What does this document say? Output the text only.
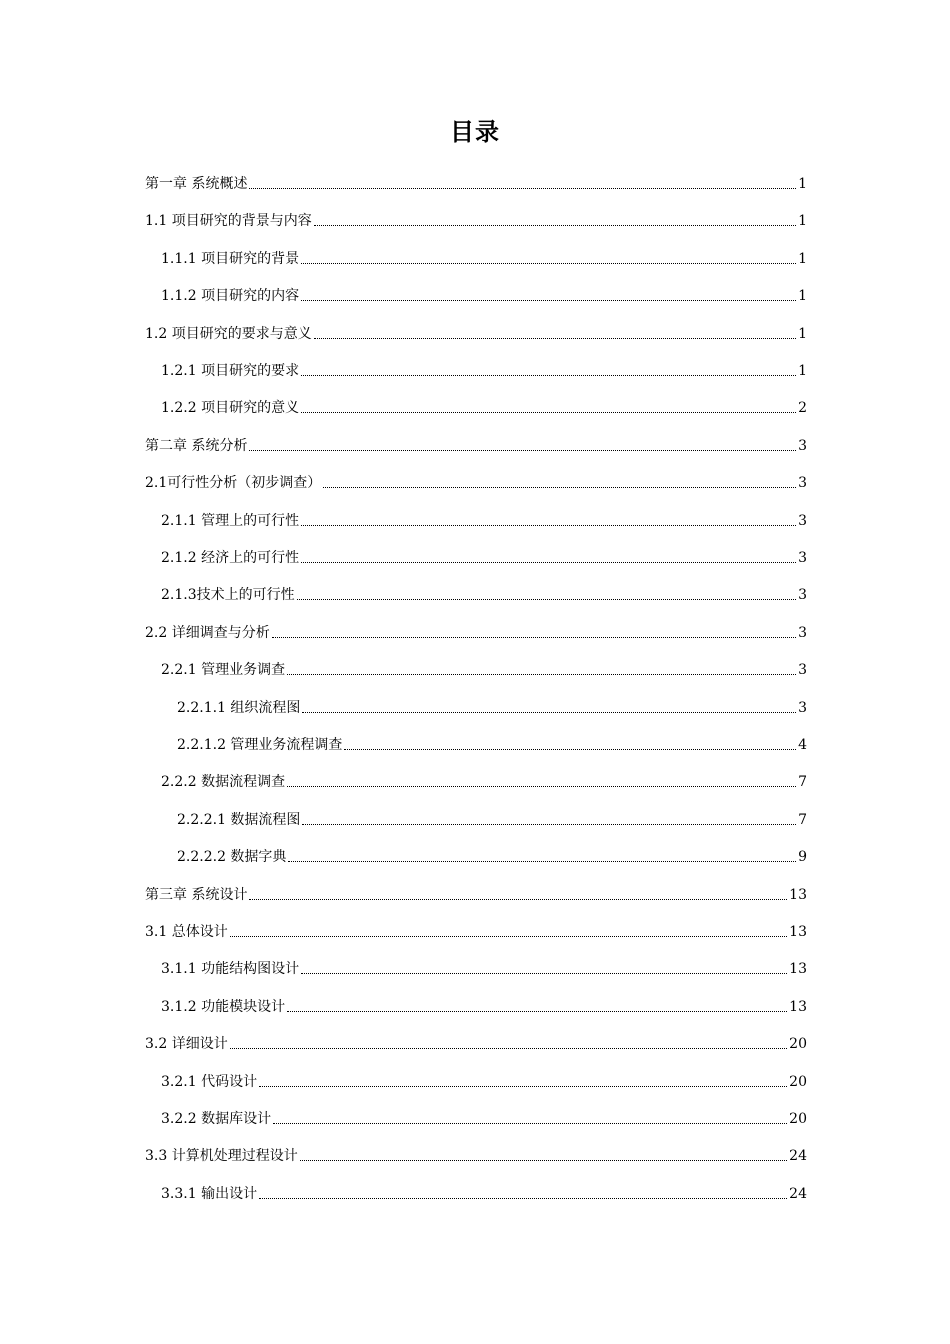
目录
第一章 系统概述	1
1.1 项目研究的背景与内容	1
1.1.1 项目研究的背景	1
1.1.2 项目研究的内容	1
1.2 项目研究的要求与意义	1
1.2.1 项目研究的要求	1
1.2.2 项目研究的意义	2
第二章 系统分析	3
2.1可行性分析（初步调查）	3
2.1.1 管理上的可行性	3
2.1.2 经济上的可行性	3
2.1.3技术上的可行性	3
2.2 详细调查与分析	3
2.2.1 管理业务调查	3
2.2.1.1 组织流程图	3
2.2.1.2 管理业务流程调查	4
2.2.2 数据流程调查	7
2.2.2.1 数据流程图	7
2.2.2.2 数据字典	9
第三章 系统设计	13
3.1 总体设计	13
3.1.1 功能结构图设计	13
3.1.2 功能模块设计	13
3.2 详细设计	20
3.2.1 代码设计	20
3.2.2 数据库设计	20
3.3 计算机处理过程设计	24
3.3.1 输出设计	24
